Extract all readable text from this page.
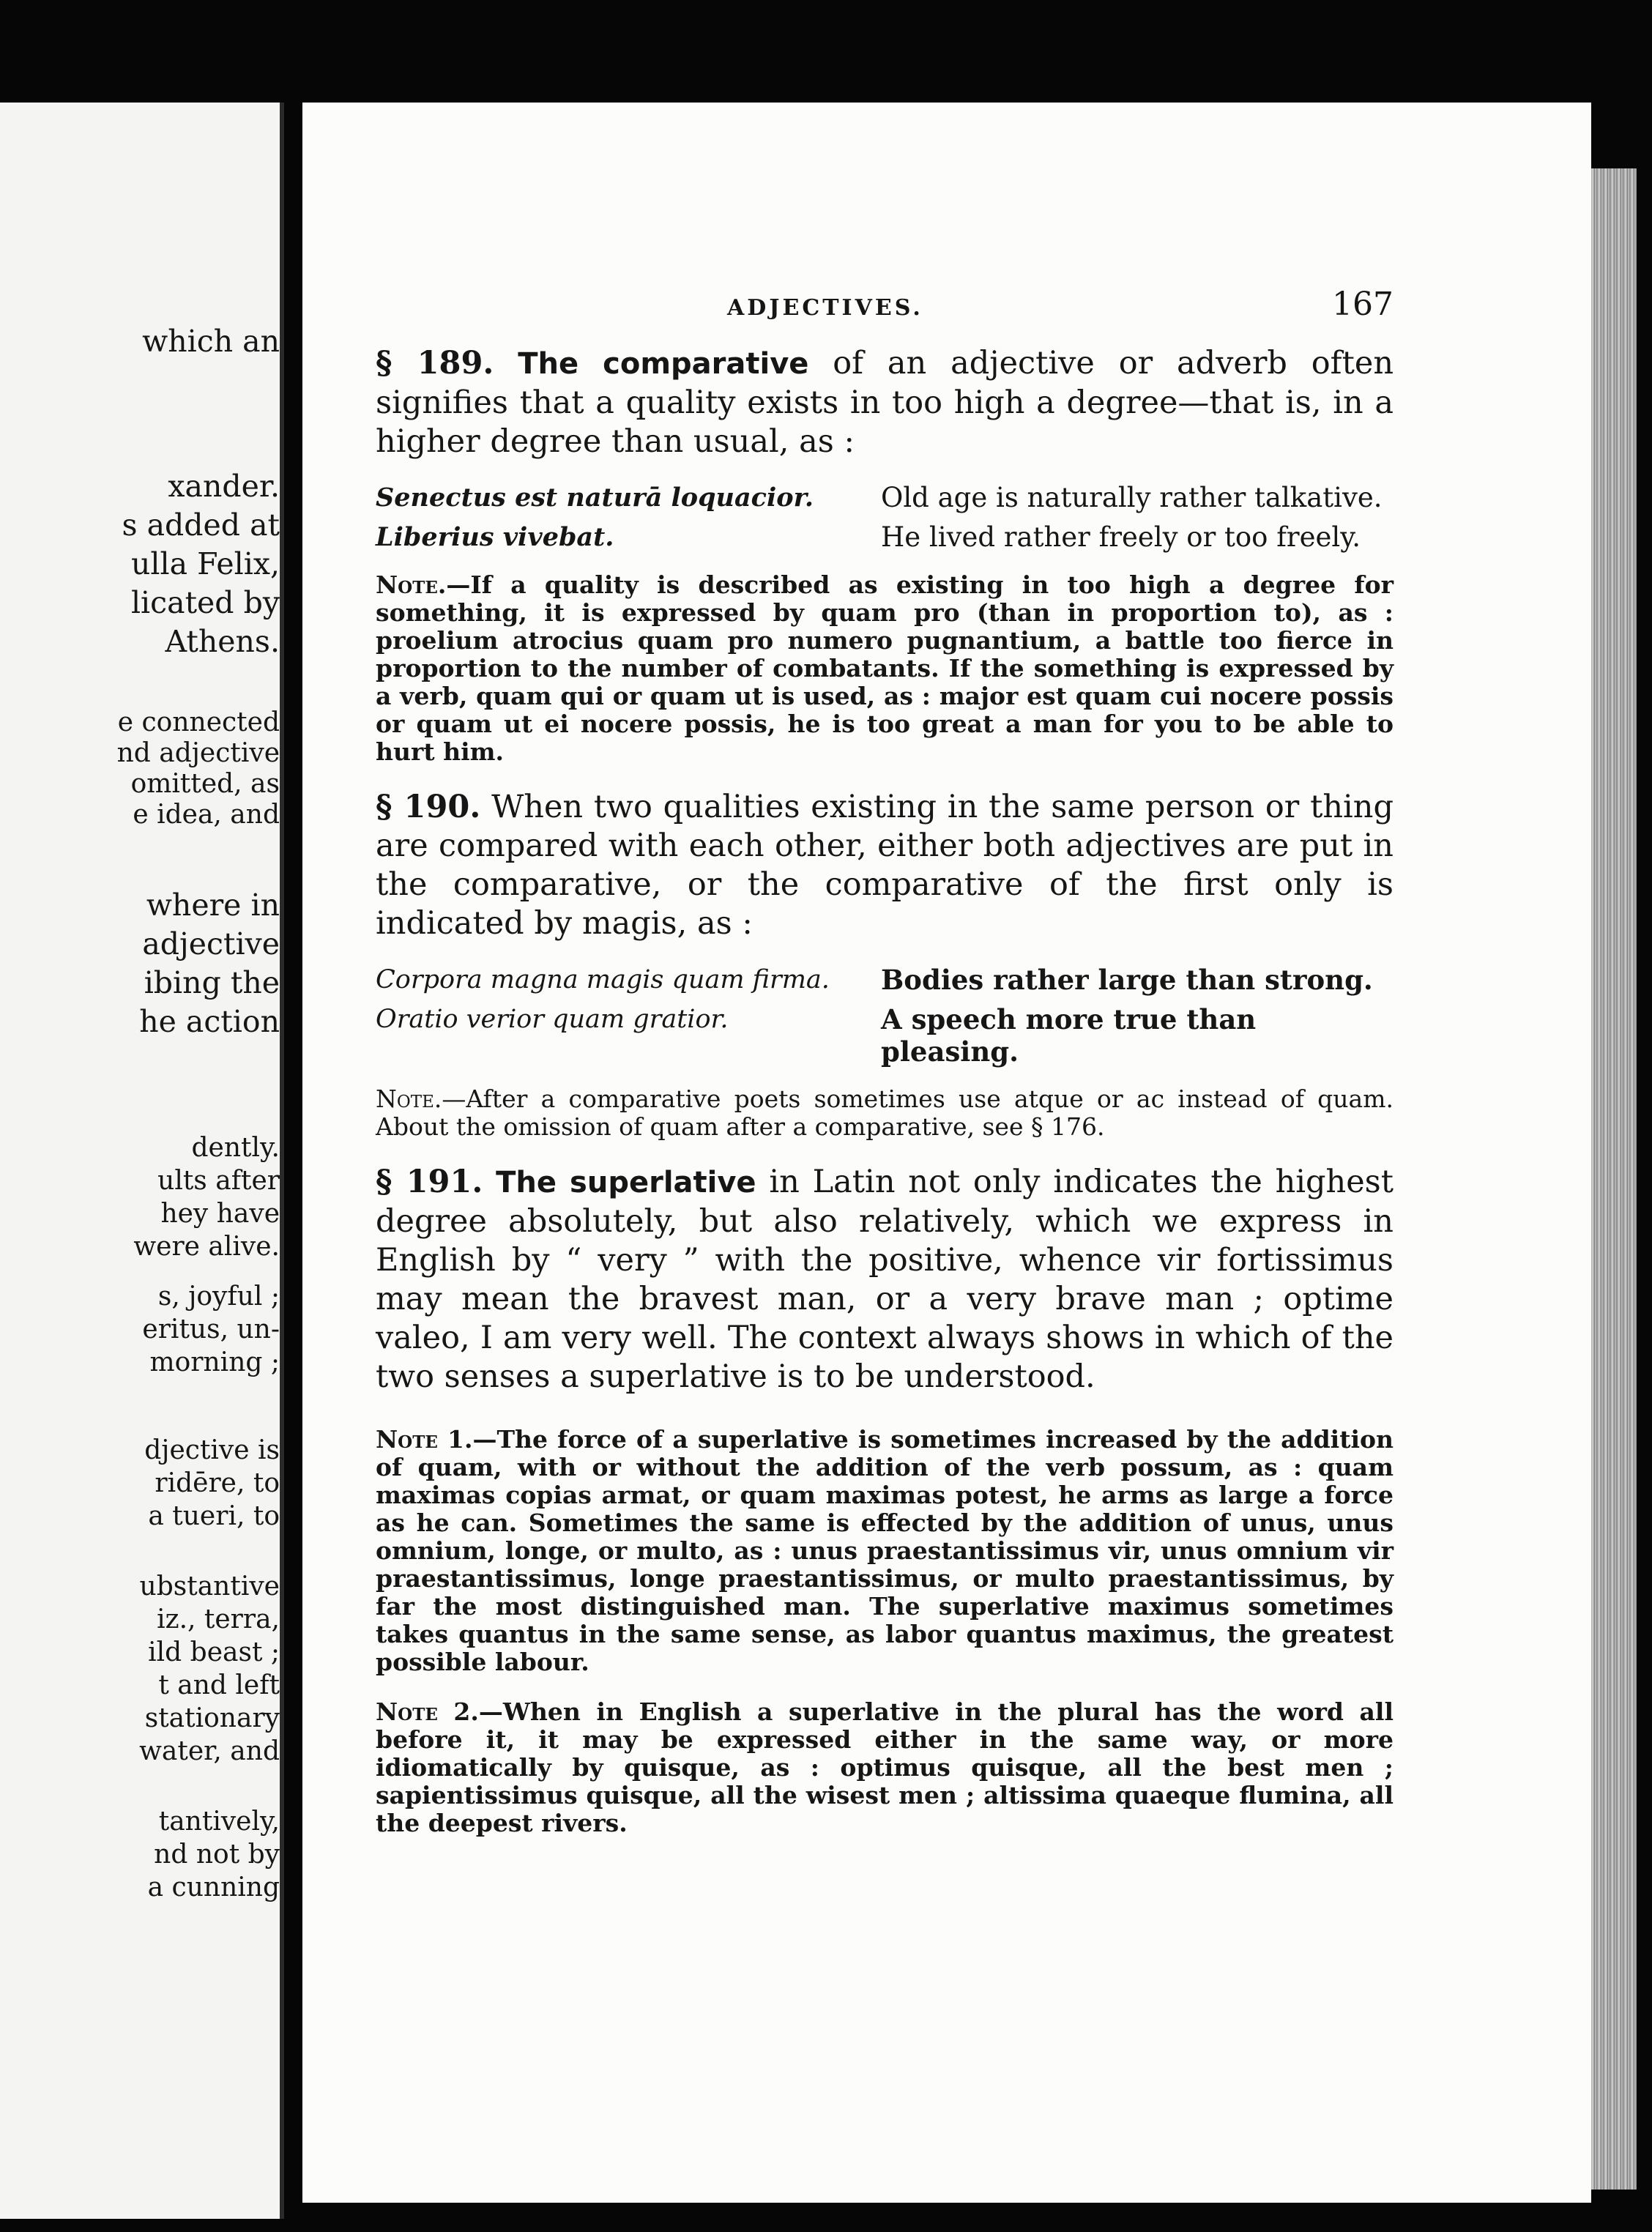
which an

xander.

s added at

ulla Felix,

licated by

Athens.

e connected

nd adjective

omitted, as

e idea, and

where in

adjective

ibing the

he action

dently.

ults after

hey have

were alive.

s, joyful ;

eritus, un-

morning ;

djective is

ridēre, to

a tueri, to

ubstantive

iz., terra,

ild beast ;

t and left

stationary

water, and

tantively,

nd not by

a cunning

ADJECTIVES.	167

§ 189. The comparative of an adjective or adverb often signifies that a quality exists in too high a degree—that is, in a higher degree than usual, as :

Senectus est naturā loquacior.	Old age is naturally rather talkative.
Liberius vivebat.	He lived rather freely or too freely.

Note.—If a quality is described as existing in too high a degree for something, it is expressed by quam pro (than in proportion to), as : proelium atrocius quam pro numero pugnantium, a battle too fierce in proportion to the number of combatants. If the something is expressed by a verb, quam qui or quam ut is used, as : major est quam cui nocere possis or quam ut ei nocere possis, he is too great a man for you to be able to hurt him.

§ 190. When two qualities existing in the same person or thing are compared with each other, either both adjectives are put in the comparative, or the comparative of the first only is indicated by magis, as :

Corpora magna magis quam firma.	Bodies rather large than strong.
Oratio verior quam gratior.	A speech more true than pleasing.

Note.—After a comparative poets sometimes use atque or ac instead of quam. About the omission of quam after a comparative, see § 176.

§ 191. The superlative in Latin not only indicates the highest degree absolutely, but also relatively, which we express in English by “ very ” with the positive, whence vir fortissimus may mean the bravest man, or a very brave man ; optime valeo, I am very well. The context always shows in which of the two senses a superlative is to be understood.

Note 1.—The force of a superlative is sometimes increased by the addition of quam, with or without the addition of the verb possum, as : quam maximas copias armat, or quam maximas potest, he arms as large a force as he can. Sometimes the same is effected by the addition of unus, unus omnium, longe, or multo, as : unus praestantissimus vir, unus omnium vir praestantissimus, longe praestantissimus, or multo praestantissimus, by far the most distinguished man. The superlative maximus sometimes takes quantus in the same sense, as labor quantus maximus, the greatest possible labour.

Note 2.—When in English a superlative in the plural has the word all before it, it may be expressed either in the same way, or more idiomatically by quisque, as : optimus quisque, all the best men ; sapientissimus quisque, all the wisest men ; altissima quaeque flumina, all the deepest rivers.
